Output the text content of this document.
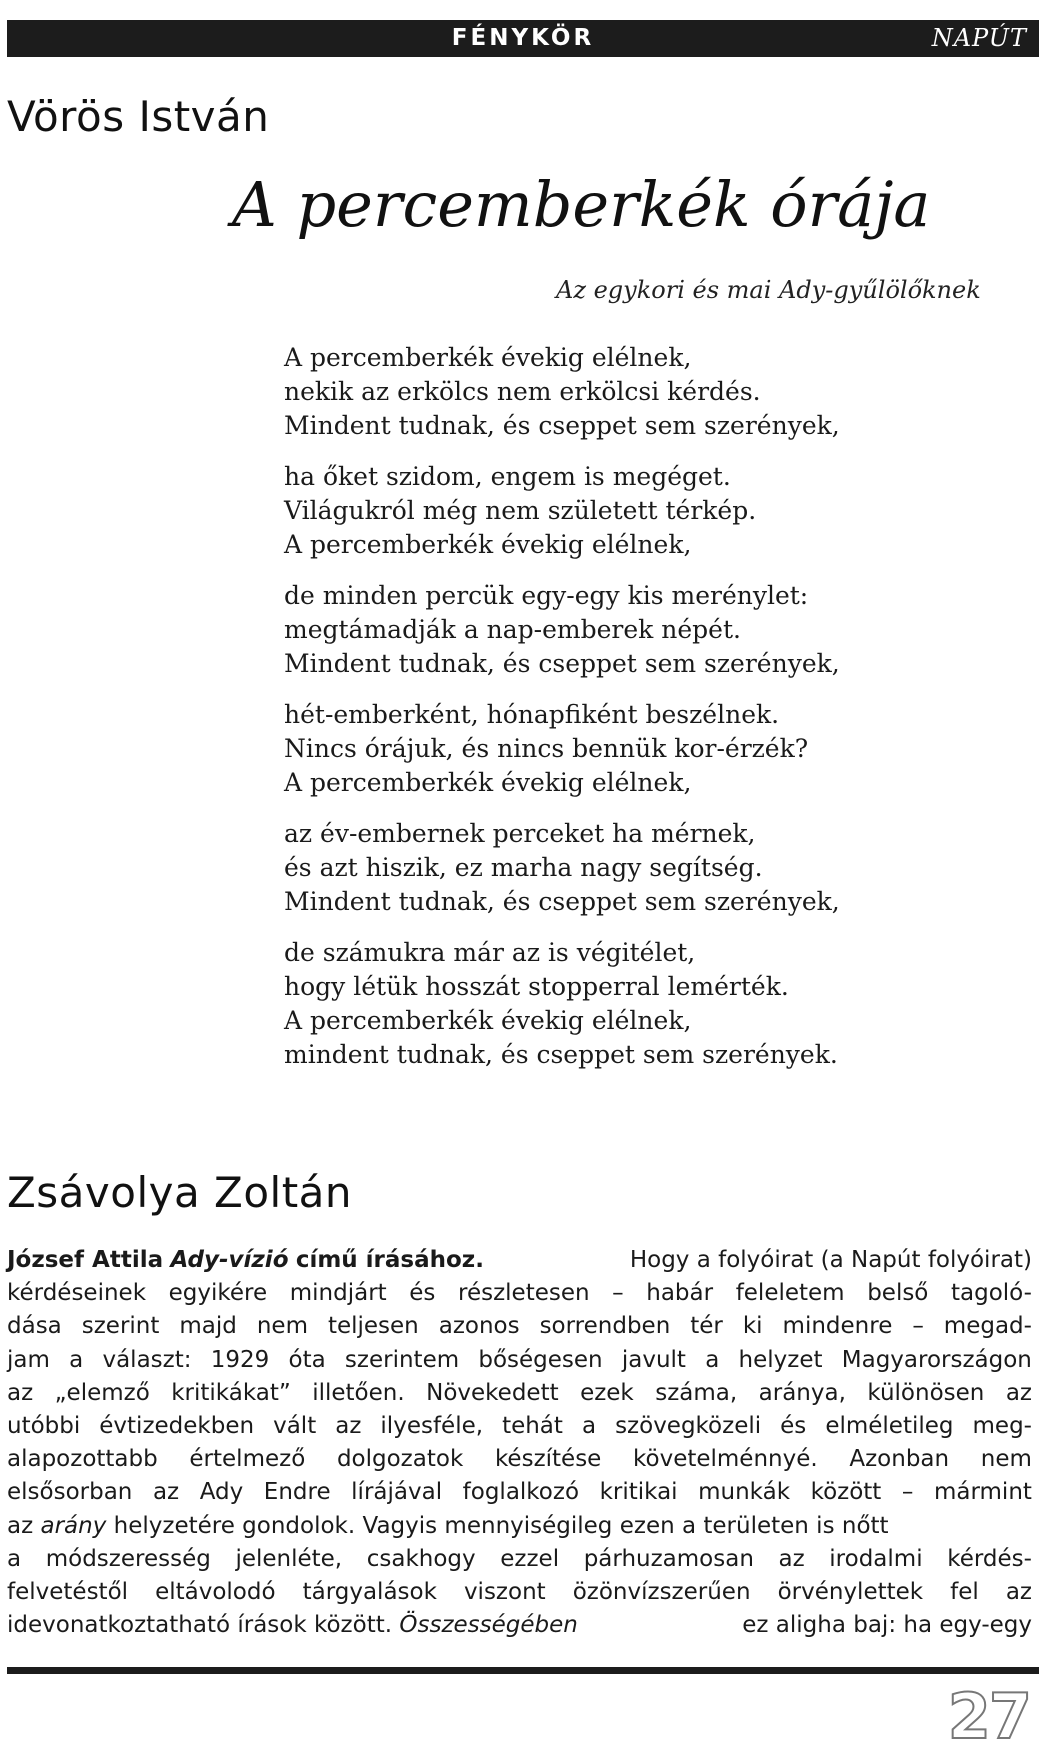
FÉNYKÖR	NAPÚT
Vörös István
A percemberkék órája
Az egykori és mai Ady-gyűlölőknek
A percemberkék évekig elélnek,
nekik az erkölcs nem erkölcsi kérdés.
Mindent tudnak, és cseppet sem szerények,
ha őket szidom, engem is megéget.
Világukról még nem született térkép.
A percemberkék évekig elélnek,
de minden percük egy-egy kis merénylet:
megtámadják a nap-emberek népét.
Mindent tudnak, és cseppet sem szerények,
hét-emberként, hónapfiként beszélnek.
Nincs órájuk, és nincs bennük kor-érzék?
A percemberkék évekig elélnek,
az év-embernek perceket ha mérnek,
és azt hiszik, ez marha nagy segítség.
Mindent tudnak, és cseppet sem szerények,
de számukra már az is végitélet,
hogy létük hosszát stopperral lemérték.
A percemberkék évekig elélnek,
mindent tudnak, és cseppet sem szerények.
Zsávolya Zoltán
József Attila Ady-vízió című írásához.	Hogy a folyóirat (a Napút folyóirat)
kérdéseinek egyikére mindjárt és részletesen – habár feleletem belső tagoló-
dása szerint majd nem teljesen azonos sorrendben tér ki mindenre – megad-
jam a választ: 1929 óta szerintem bőségesen javult a helyzet Magyarországon
az „elemző kritikákat” illetően. Növekedett ezek száma, aránya, különösen az
utóbbi évtizedekben vált az ilyesféle, tehát a szövegközeli és elméletileg meg-
alapozottabb értelmező dolgozatok készítése követelménnyé. Azonban nem
elsősorban az Ady Endre lírájával foglalkozó kritikai munkák között – mármint
az arány helyzetére gondolok. Vagyis mennyiségileg ezen a területen is nőtt
a módszeresség jelenléte, csakhogy ezzel párhuzamosan az irodalmi kérdés-
felvetéstől eltávolodó tárgyalások viszont özönvízszerűen örvénylettek fel az
idevonatkoztatható írások között. Összességében	ez aligha baj: ha egy-egy
27
